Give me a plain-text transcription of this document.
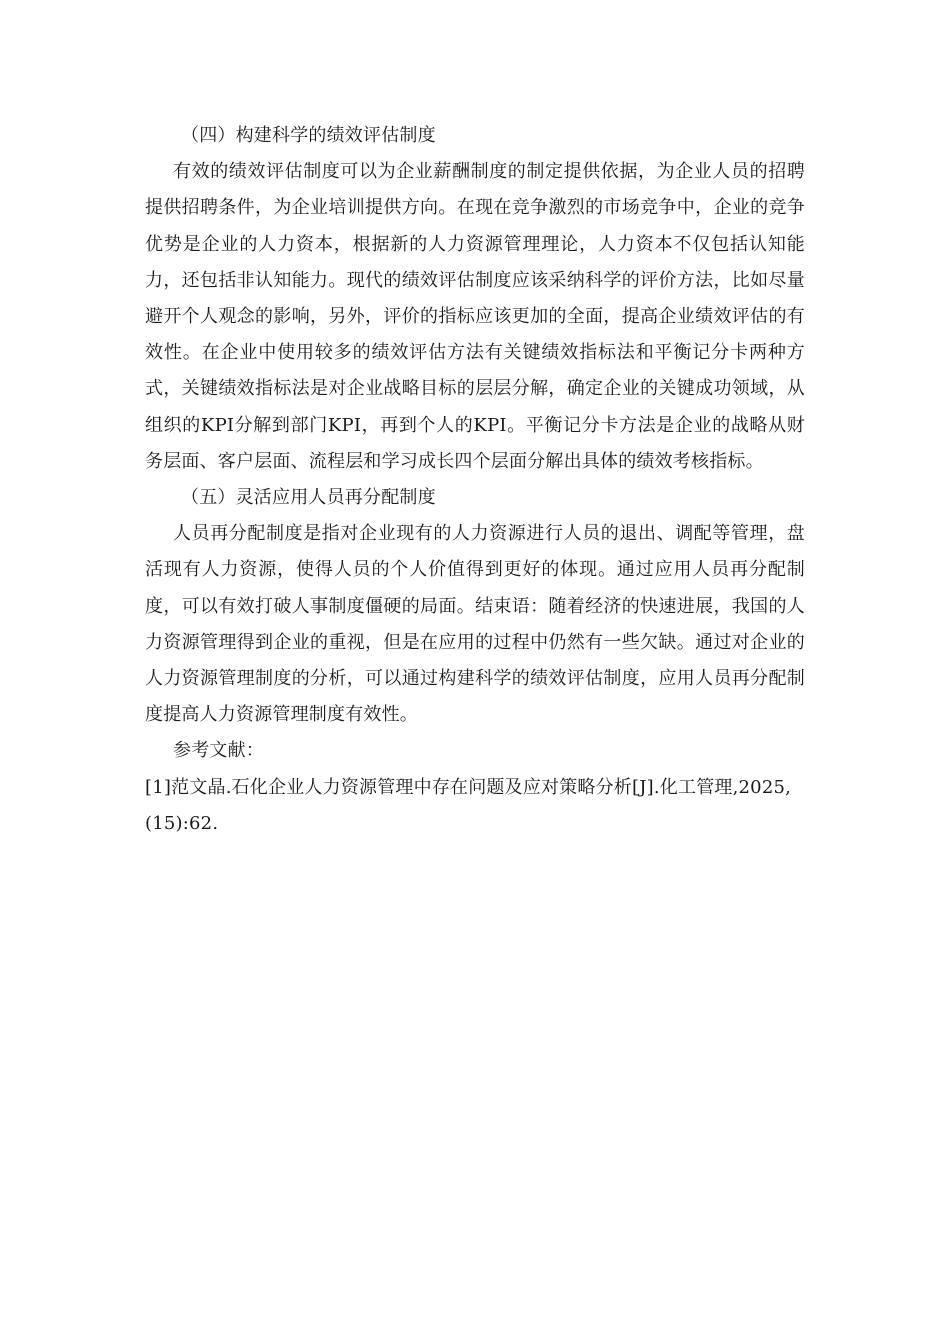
（四）构建科学的绩效评估制度

有效的绩效评估制度可以为企业薪酬制度的制定提供依据，为企业人员的招聘提供招聘条件，为企业培训提供方向。在现在竞争激烈的市场竞争中，企业的竞争优势是企业的人力资本，根据新的人力资源管理理论，人力资本不仅包括认知能力，还包括非认知能力。现代的绩效评估制度应该采纳科学的评价方法，比如尽量避开个人观念的影响，另外，评价的指标应该更加的全面，提高企业绩效评估的有效性。在企业中使用较多的绩效评估方法有关键绩效指标法和平衡记分卡两种方式，关键绩效指标法是对企业战略目标的层层分解，确定企业的关键成功领域，从组织的KPI分解到部门KPI，再到个人的KPI。平衡记分卡方法是企业的战略从财务层面、客户层面、流程层和学习成长四个层面分解出具体的绩效考核指标。

（五）灵活应用人员再分配制度

人员再分配制度是指对企业现有的人力资源进行人员的退出、调配等管理，盘活现有人力资源，使得人员的个人价值得到更好的体现。通过应用人员再分配制度，可以有效打破人事制度僵硬的局面。结束语：随着经济的快速进展，我国的人力资源管理得到企业的重视，但是在应用的过程中仍然有一些欠缺。通过对企业的人力资源管理制度的分析，可以通过构建科学的绩效评估制度，应用人员再分配制度提高人力资源管理制度有效性。

参考文献：

[1]范文晶.石化企业人力资源管理中存在问题及应对策略分析[J].化工管理,2025,(15):62.
